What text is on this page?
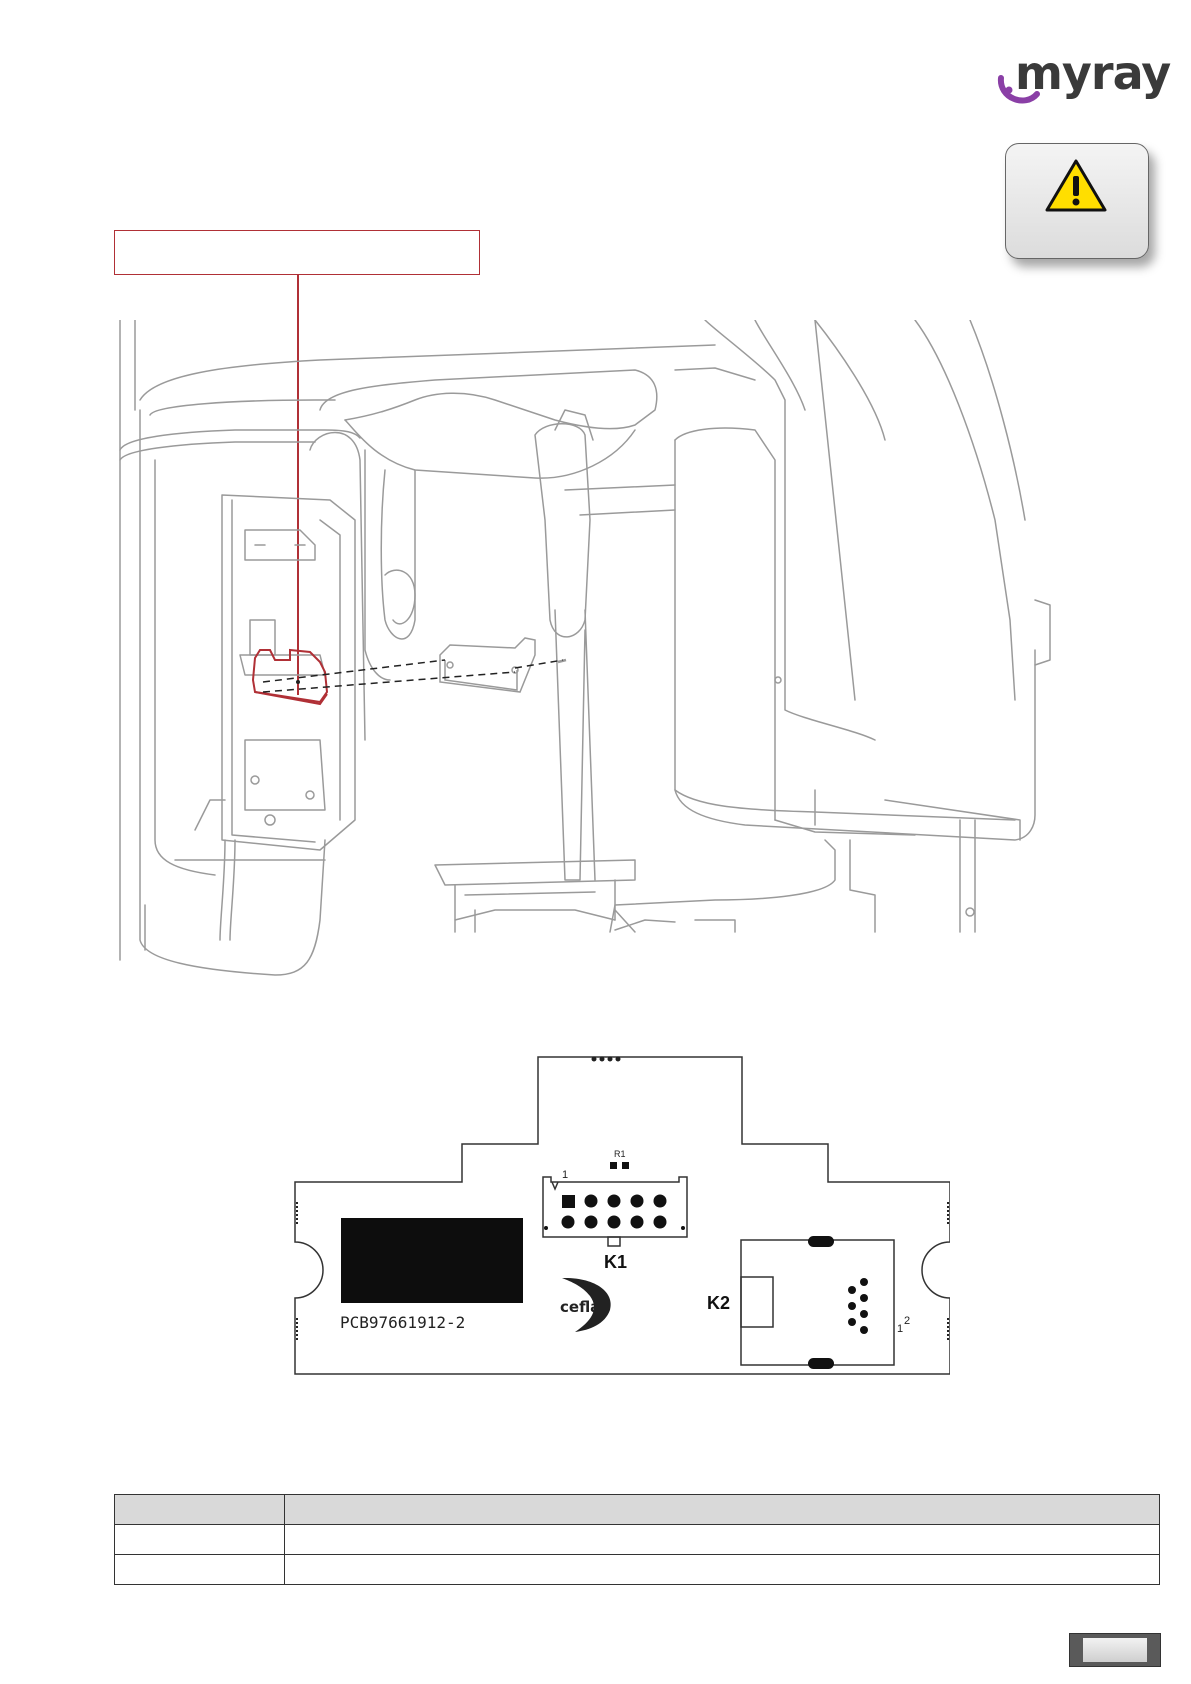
myray
PCB97661912-2
R1
1
K1
cefla	K2
1
2
